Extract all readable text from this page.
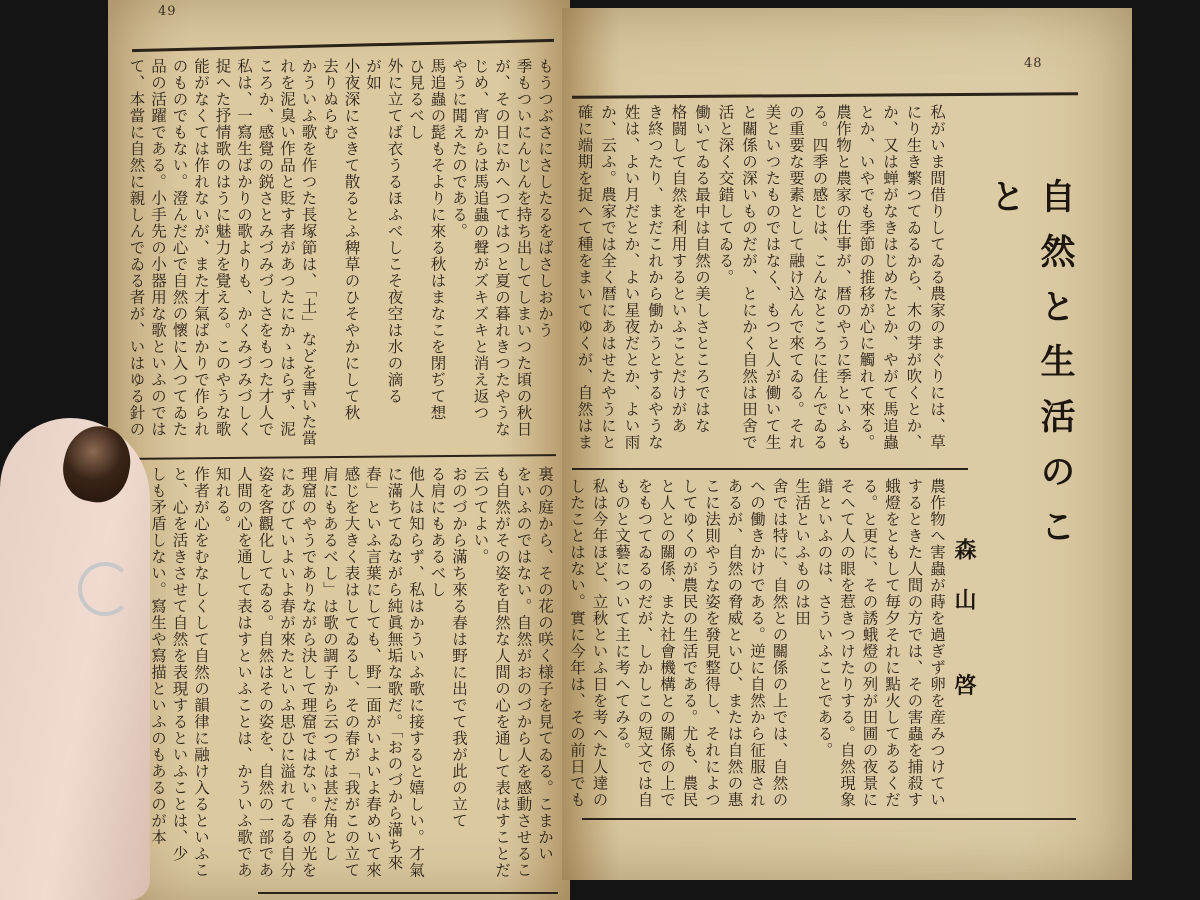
49
もうつぶさにさしたるをばさしおかう
季もついにんじんを持ち出してしまいつた頃の秋日
が、その日にかへつてはつと夏の暮れきつたやうな
じめ、宵からは馬追蟲の聲がズキズキと消え返つ
やうに聞えたのである。
馬追蟲の髭もそよりに來る秋はまなこを閉ぢて想
ひ見るべし
外に立てば衣うるほふべしこそ夜空は水の滴る
が如
小夜深にさきて散るとふ稗草のひそやかにして秋
去りぬらむ
かういふ歌を作つた長塚節は、「土」などを書いた當
れを泥臭い作品と貶す者があつたにかゝはらず、泥
ころか、感覺の鋭さとみづみづしさをもつた才人で
私は、一寫生ばかりの歌よりも、かくみづみづしく
捉へた抒情歌のはうに魅力を覺える。このやうな歌
能がなくては作れないが、また才氣ばかりで作られ
のものでもない。澄んだ心で自然の懷に入つてゐた
品の活躍である。小手先の小器用な歌といふのでは
て、本當に自然に親しんでゐる者が、いはゆる針の
裏の庭から、その花の咲く様子を見てゐる。こまかい
をいふのではない。自然がおのづから人を感動させるこ
も自然がその姿を自然な人間の心を通して表はすことだ
云つてよい。
おのづから滿ち來る春は野に出でて我が此の立て
る肩にもあるべし
他人は知らず、私はかういふ歌に接すると嬉しい。才氣
に滿ちてゐながら純眞無垢な歌だ。「おのづから滿ち來
春」といふ言葉にしても、野一面がいよいよ春めいて來
感じを大きく表はしてゐるし、その春が「我がこの立て
肩にもあるべし」は歌の調子から云つては甚だ角とし
理窟のやうでありながら決して理窟ではない。春の光を
にあびていよいよ春が來たといふ思ひに溢れてゐる自分
姿を客觀化してゐる。自然はその姿を、自然の一部であ
人間の心を通して表はすといふことは、かういふ歌であ
知れる。
作者が心をむなしくして自然の韻律に融け入るといふこ
と、心を活きさせて自然を表現するといふことは、少
しも矛盾しない。寫生や寫描といふのもあるのが本
48
自然と生活のこと
森山 啓
私がいま間借りしてゐる農家のまぐりには、草
にり生き繁つてゐるから、木の芽が吹くとか、
か、又は蝉がなきはじめたとか、やがて馬追蟲
とか、いやでも季節の推移が心に觸れて來る。
農作物と農家の仕事が、暦のやうに季といふも
る。四季の感じは、こんなところに住んでゐる
の重要な要素として融け込んで來てゐる。それ
美といつたものではなく、もつと人が働いて生
と關係の深いものだが、とにかく自然は田舍で
活と深く交錯してゐる。
働いてゐる最中は自然の美しさところではな
格闘して自然を利用するといふことだけがあ
き終つたり、まだこれから働かうとするやうな
姓は、よい月だとか、よい星夜だとか、よい雨
か、云ふ。農家では全く暦にあはせたやうにと
確に端期を捉へて種をまいてゆくが、自然はま
農作物へ害蟲が蒔を過ぎず卵を産みつけてい
するときた人間の方では、その害蟲を捕殺す
蛾燈をともして毎夕それに點火してあるくだ
る。と更に、その誘蛾燈の列が田圃の夜景に
そへて人の眼を惹きつけたりする。自然現象
錯といふのは、さういふことである。
生活といふものは田
舍では特に、自然との關係の上では、自然の
への働きかけである。逆に自然から征服され
あるが、自然の脅威といひ、または自然の惠
こに法則やうな姿を發見整得し、それによつ
してゆくのが農民の生活である。尤も、農民
と人との關係、また社會機構との關係の上で
をもつてゐるのだが、しかしこの短文では自
ものと文藝について主に考へてみる。
私は今年ほど、立秋といふ日を考へた人達の
したことはない。實に今年は、その前日でも
